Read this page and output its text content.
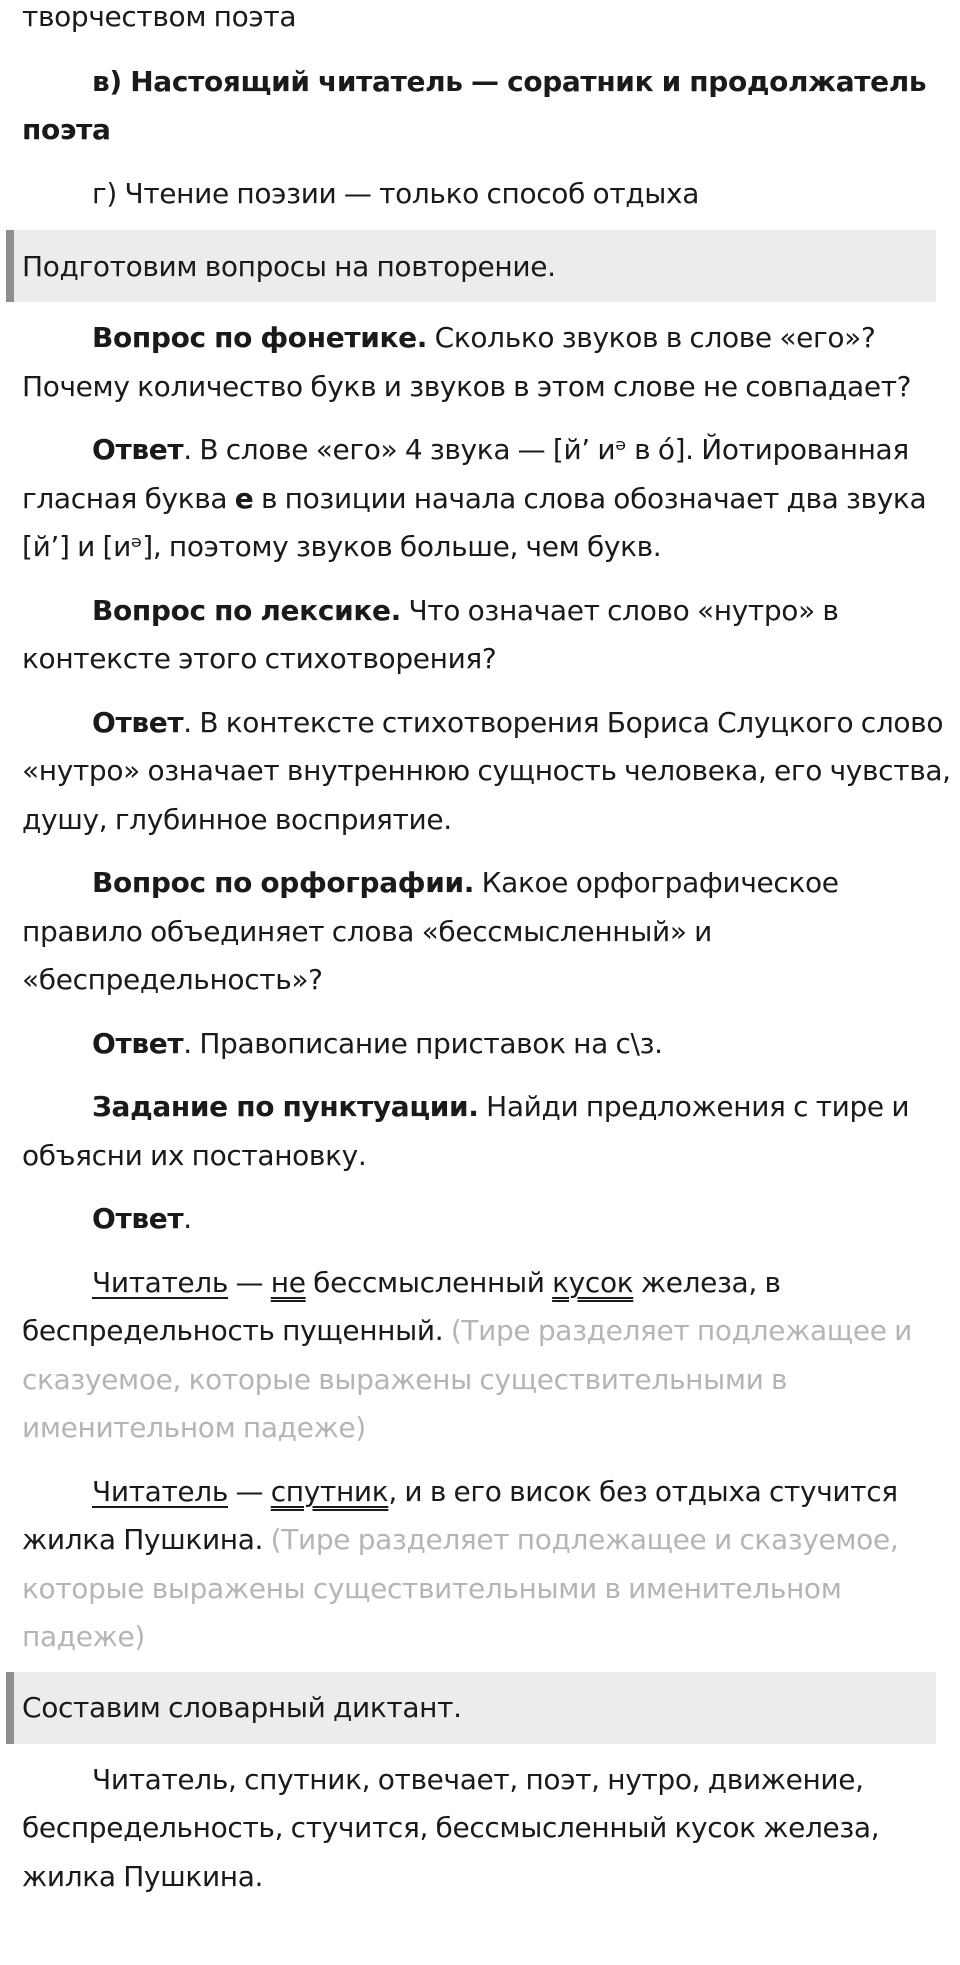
творчеством поэта

в) Настоящий читатель — соратник и продолжатель поэта

г) Чтение поэзии — только способ отдыха

Подготовим вопросы на повторение.

Вопрос по фонетике. Сколько звуков в слове «его»? Почему количество букв и звуков в этом слове не совпадает?

Ответ. В слове «его» 4 звука — [й’ иᵊ в о́]. Йотированная гласная буква е в позиции начала слова обозначает два звука [й’] и [иᵊ], поэтому звуков больше, чем букв.

Вопрос по лексике. Что означает слово «нутро» в контексте этого стихотворения?

Ответ. В контексте стихотворения Бориса Слуцкого слово «нутро» означает внутреннюю сущность человека, его чувства, душу, глубинное восприятие.

Вопрос по орфографии. Какое орфографическое правило объединяет слова «бессмысленный» и «беспредельность»?

Ответ. Правописание приставок на с\з.

Задание по пунктуации. Найди предложения с тире и объясни их постановку.

Ответ.

Читатель — не бессмысленный кусок железа, в беспредельность пущенный. (Тире разделяет подлежащее и сказуемое, которые выражены существительными в именительном падеже)

Читатель — спутник, и в его висок без отдыха стучится жилка Пушкина. (Тире разделяет подлежащее и сказуемое, которые выражены существительными в именительном падеже)

Составим словарный диктант.

Читатель, спутник, отвечает, поэт, нутро, движение, беспредельность, стучится, бессмысленный кусок железа, жилка Пушкина.
